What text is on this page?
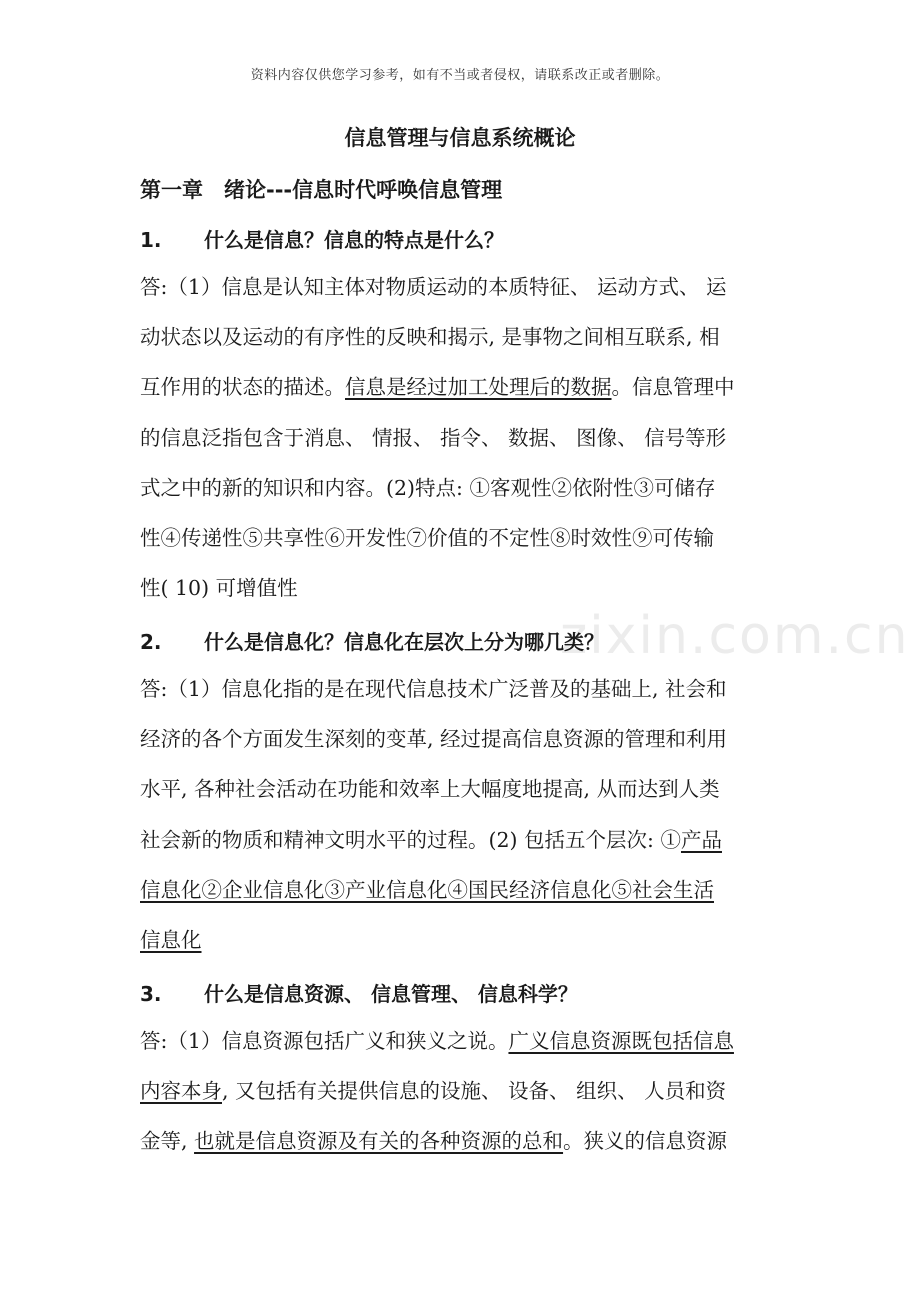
zixin.com.cn
资料内容仅供您学习参考，如有不当或者侵权，请联系改正或者删除。
信息管理与信息系统概论
第一章　绪论---信息时代呼唤信息管理
1. 什么是信息？信息的特点是什么？
答:（1）信息是认知主体对物质运动的本质特征、 运动方式、 运
动状态以及运动的有序性的反映和揭示, 是事物之间相互联系, 相
互作用的状态的描述。信息是经过加工处理后的数据。信息管理中
的信息泛指包含于消息、 情报、 指令、 数据、 图像、 信号等形
式之中的新的知识和内容。(2)特点: ①客观性②依附性③可储存
性④传递性⑤共享性⑥开发性⑦价值的不定性⑧时效性⑨可传输
性( 10) 可增值性
2. 什么是信息化？信息化在层次上分为哪几类？
答:（1）信息化指的是在现代信息技术广泛普及的基础上, 社会和
经济的各个方面发生深刻的变革, 经过提高信息资源的管理和利用
水平, 各种社会活动在功能和效率上大幅度地提高, 从而达到人类
社会新的物质和精神文明水平的过程。(2) 包括五个层次: ①产品
信息化②企业信息化③产业信息化④国民经济信息化⑤社会生活
信息化
3. 什么是信息资源、 信息管理、 信息科学？
答:（1）信息资源包括广义和狭义之说。广义信息资源既包括信息
内容本身, 又包括有关提供信息的设施、 设备、 组织、 人员和资
金等, 也就是信息资源及有关的各种资源的总和。狭义的信息资源
